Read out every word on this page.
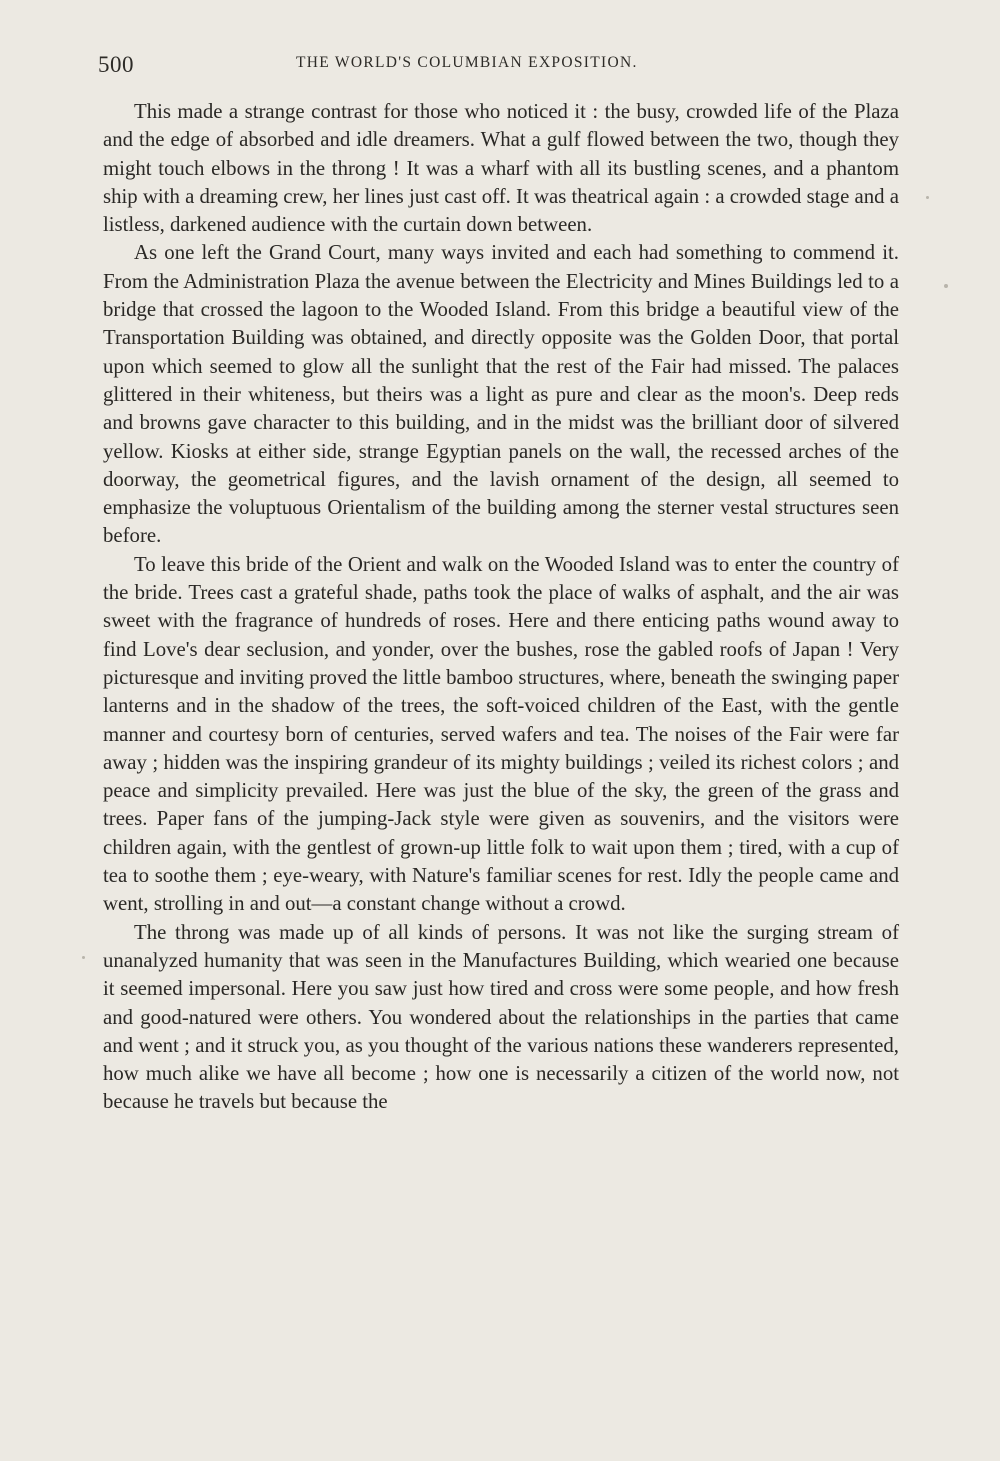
500	THE WORLD'S COLUMBIAN EXPOSITION.

This made a strange contrast for those who noticed it : the busy, crowded life of the Plaza and the edge of absorbed and idle dreamers. What a gulf flowed between the two, though they might touch elbows in the throng ! It was a wharf with all its bustling scenes, and a phantom ship with a dreaming crew, her lines just cast off. It was theatrical again : a crowded stage and a listless, darkened audience with the curtain down between.

As one left the Grand Court, many ways invited and each had something to commend it. From the Administration Plaza the avenue between the Electricity and Mines Buildings led to a bridge that crossed the lagoon to the Wooded Island. From this bridge a beautiful view of the Transportation Building was obtained, and directly opposite was the Golden Door, that portal upon which seemed to glow all the sunlight that the rest of the Fair had missed. The palaces glittered in their whiteness, but theirs was a light as pure and clear as the moon's. Deep reds and browns gave character to this building, and in the midst was the brilliant door of silvered yellow. Kiosks at either side, strange Egyptian panels on the wall, the recessed arches of the doorway, the geometrical figures, and the lavish ornament of the design, all seemed to emphasize the voluptuous Orientalism of the building among the sterner vestal structures seen before.

To leave this bride of the Orient and walk on the Wooded Island was to enter the country of the bride. Trees cast a grateful shade, paths took the place of walks of asphalt, and the air was sweet with the fragrance of hundreds of roses. Here and there enticing paths wound away to find Love's dear seclusion, and yonder, over the bushes, rose the gabled roofs of Japan ! Very picturesque and inviting proved the little bamboo structures, where, beneath the swinging paper lanterns and in the shadow of the trees, the soft-voiced children of the East, with the gentle manner and courtesy born of centuries, served wafers and tea. The noises of the Fair were far away ; hidden was the inspiring grandeur of its mighty buildings ; veiled its richest colors ; and peace and simplicity prevailed. Here was just the blue of the sky, the green of the grass and trees. Paper fans of the jumping-Jack style were given as souvenirs, and the visitors were children again, with the gentlest of grown-up little folk to wait upon them ; tired, with a cup of tea to soothe them ; eye-weary, with Nature's familiar scenes for rest. Idly the people came and went, strolling in and out—a constant change without a crowd.

The throng was made up of all kinds of persons. It was not like the surging stream of unanalyzed humanity that was seen in the Manufactures Building, which wearied one because it seemed impersonal. Here you saw just how tired and cross were some people, and how fresh and good-natured were others. You wondered about the relationships in the parties that came and went ; and it struck you, as you thought of the various nations these wanderers represented, how much alike we have all become ; how one is necessarily a citizen of the world now, not because he travels but because the
